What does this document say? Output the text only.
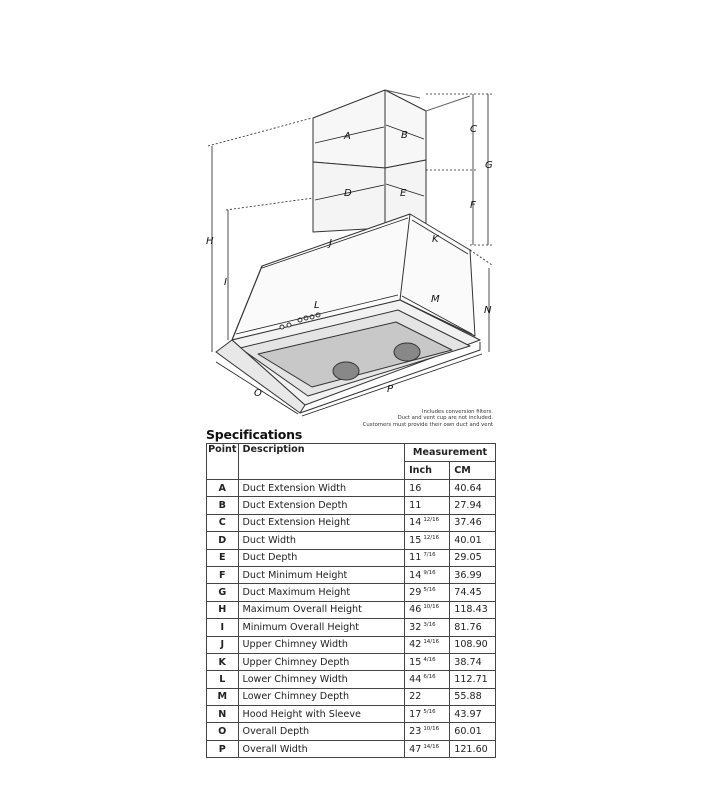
A	B
C
D	E
F
G
H
I
J	K
L
M
N
O	P
Includes conversion filters.
Duct and vent cup are not included.
Customers must provide their own duct and vent
Specifications
Point	Description	Measurement	
		Inch	CM
A	Duct Extension Width	16	40.64
B	Duct Extension Depth	11	27.94
C	Duct Extension Height	14 $^{12/16}$	37.46
D	Duct Width	15 $^{12/16}$	40.01
E	Duct Depth	11 $^{7/16}$	29.05
F	Duct Minimum Height	14 $^{9/16}$	36.99
G	Duct Maximum Height	29 $^{5/16}$	74.45
H	Maximum Overall Height	46 $^{10/16}$	118.43
I	Minimum Overall Height	32 $^{3/16}$	81.76
J	Upper Chimney Width	42 $^{14/16}$	108.90
K	Upper Chimney Depth	15 $^{4/16}$	38.74
L	Lower Chimney Width	44 $^{6/16}$	112.71
M	Lower Chimney Depth	22	55.88
N	Hood Height with Sleeve	17 $^{5/16}$	43.97
O	Overall Depth	23 $^{10/16}$	60.01
P	Overall Width	47 $^{14/16}$	121.60
